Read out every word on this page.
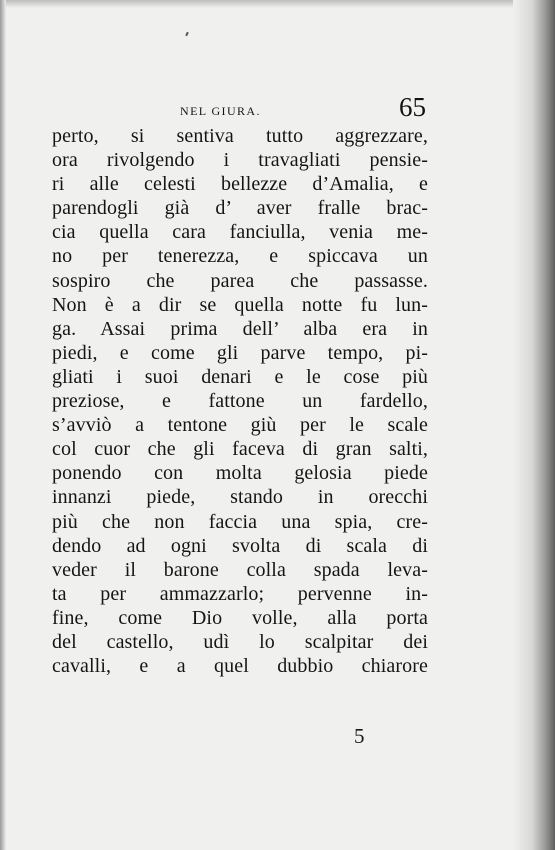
NEL GIURA.	65
perto, si sentiva tutto aggrezzare,
ora rivolgendo i travagliati pensie-
ri alle celesti bellezze d’Amalia, e
parendogli già d’ aver fralle brac-
cia quella cara fanciulla, venia me-
no per tenerezza, e spiccava un
sospiro che parea che passasse.
Non è a dir se quella notte fu lun-
ga. Assai prima dell’ alba era in
piedi, e come gli parve tempo, pi-
gliati i suoi denari e le cose più
preziose, e fattone un fardello,
s’avviò a tentone giù per le scale
col cuor che gli faceva di gran salti,
ponendo con molta gelosia piede
innanzi piede, stando in orecchi
più che non faccia una spia, cre-
dendo ad ogni svolta di scala di
veder il barone colla spada leva-
ta per ammazzarlo; pervenne in-
fine, come Dio volle, alla porta
del castello, udì lo scalpitar dei
cavalli, e a quel dubbio chiarore
5
